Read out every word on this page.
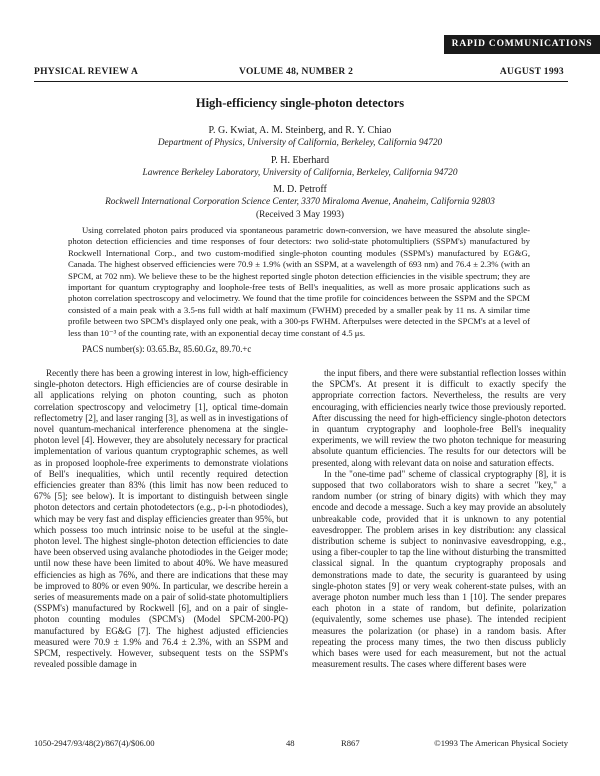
RAPID COMMUNICATIONS
PHYSICAL REVIEW A	VOLUME 48, NUMBER 2	AUGUST 1993
High-efficiency single-photon detectors
P. G. Kwiat, A. M. Steinberg, and R. Y. Chiao
Department of Physics, University of California, Berkeley, California 94720
P. H. Eberhard
Lawrence Berkeley Laboratory, University of California, Berkeley, California 94720
M. D. Petroff
Rockwell International Corporation Science Center, 3370 Miraloma Avenue, Anaheim, California 92803
(Received 3 May 1993)
Using correlated photon pairs produced via spontaneous parametric down-conversion, we have measured the absolute single-photon detection efficiencies and time responses of four detectors: two solid-state photomultipliers (SSPM's) manufactured by Rockwell International Corp., and two custom-modified single-photon counting modules (SSPM's) manufactured by EG&G, Canada. The highest observed efficiencies were 70.9 ± 1.9% (with an SSPM, at a wavelength of 693 nm) and 76.4 ± 2.3% (with an SPCM, at 702 nm). We believe these to be the highest reported single photon detection efficiencies in the visible spectrum; they are important for quantum cryptography and loophole-free tests of Bell's inequalities, as well as more prosaic applications such as photon correlation spectroscopy and velocimetry. We found that the time profile for coincidences between the SSPM and the SPCM consisted of a main peak with a 3.5-ns full width at half maximum (FWHM) preceded by a smaller peak by 11 ns. A similar time profile between two SPCM's displayed only one peak, with a 300-ps FWHM. Afterpulses were detected in the SPCM's at a level of less than 10⁻³ of the counting rate, with an exponential decay time constant of 4.5 μs.
PACS number(s): 03.65.Bz, 85.60.Gz, 89.70.+c

Recently there has been a growing interest in low, high-efficiency single-photon detectors. High efficiencies are of course desirable in all applications relying on photon counting, such as photon correlation spectroscopy and velocimetry [1], optical time-domain reflectometry [2], and laser ranging [3], as well as in investigations of novel quantum-mechanical interference phenomena at the single-photon level [4]. However, they are absolutely necessary for practical implementation of various quantum cryptographic schemes, as well as in proposed loophole-free experiments to demonstrate violations of Bell's inequalities, which until recently required detection efficiencies greater than 83% (this limit has now been reduced to 67% [5]; see below). It is important to distinguish between single photon detectors and certain photodetectors (e.g., p-i-n photodiodes), which may be very fast and display efficiencies greater than 95%, but which possess too much intrinsic noise to be useful at the single-photon level. The highest single-photon detection efficiencies to date have been observed using avalanche photodiodes in the Geiger mode; until now these have been limited to about 40%. We have measured efficiencies as high as 76%, and there are indications that these may be improved to 80% or even 90%. In particular, we describe herein a series of measurements made on a pair of solid-state photomultipliers (SSPM's) manufactured by Rockwell [6], and on a pair of single-photon counting modules (SPCM's) (Model SPCM-200-PQ) manufactured by EG&G [7]. The highest adjusted efficiencies measured were 70.9 ± 1.9% and 76.4 ± 2.3%, with an SSPM and SPCM, respectively. However, subsequent tests on the SSPM's revealed possible damage in

the input fibers, and there were substantial reflection losses within the SPCM's. At present it is difficult to exactly specify the appropriate correction factors. Nevertheless, the results are very encouraging, with efficiencies nearly twice those previously reported. After discussing the need for high-efficiency single-photon detectors in quantum cryptography and loophole-free Bell's inequality experiments, we will review the two photon technique for measuring absolute quantum efficiencies. The results for our detectors will be presented, along with relevant data on noise and saturation effects.

In the "one-time pad" scheme of classical cryptography [8], it is supposed that two collaborators wish to share a secret "key," a random number (or string of binary digits) with which they may encode and decode a message. Such a key may provide an absolutely unbreakable code, provided that it is unknown to any potential eavesdropper. The problem arises in key distribution: any classical distribution scheme is subject to noninvasive eavesdropping, e.g., using a fiber-coupler to tap the line without disturbing the transmitted classical signal. In the quantum cryptography proposals and demonstrations made to date, the security is guaranteed by using single-photon states [9] or very weak coherent-state pulses, with an average photon number much less than 1 [10]. The sender prepares each photon in a state of random, but definite, polarization (equivalently, some schemes use phase). The intended recipient measures the polarization (or phase) in a random basis. After repeating the process many times, the two then discuss publicly which bases were used for each measurement, but not the actual measurement results. The cases where different bases were

1050-2947/93/48(2)/867(4)/$06.00	48	R867	©1993 The American Physical Society
